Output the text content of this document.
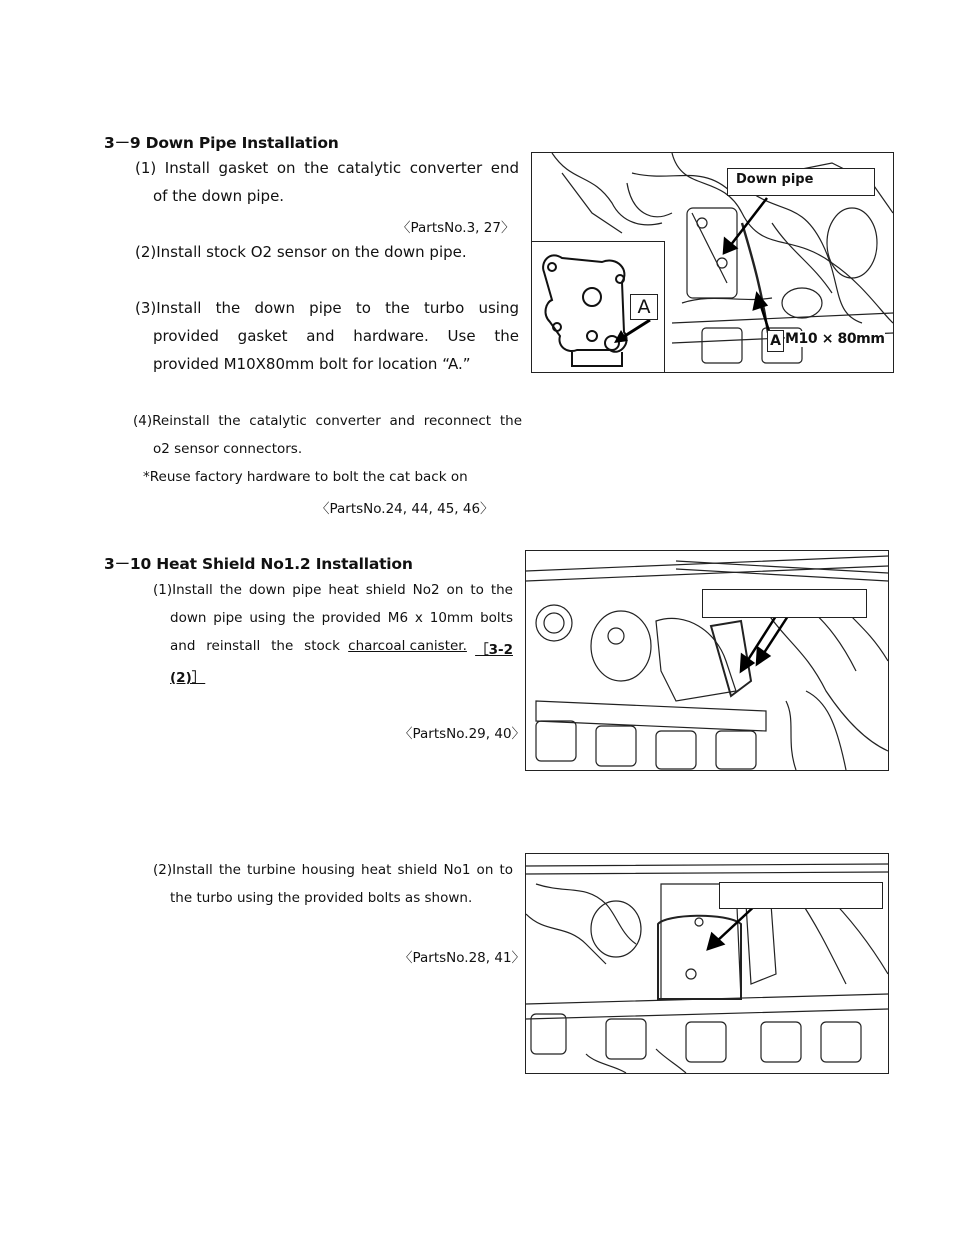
3－9 Down Pipe Installation
(1) Install gasket on the catalytic converter end
of the down pipe.
〈PartsNo.3, 27〉
(2)Install stock O2 sensor on the down pipe.
(3)Install the down pipe to the turbo using
provided gasket and hardware. Use the
provided M10X80mm bolt for location “A.”
(4)Reinstall the catalytic converter and reconnect the
o2 sensor connectors.
*Reuse factory hardware to bolt the cat back on
〈PartsNo.24, 44, 45, 46〉
Down pipe
A
A M10 × 80mm
3－10 Heat Shield No1.2 Installation
(1)Install the down pipe heat shield No2 on to the
down pipe using the provided M6 x 10mm bolts
and reinstall the stock charcoal canister. ［3-2
(2)］
〈PartsNo.29, 40〉
(2)Install the turbine housing heat shield No1 on to
the turbo using the provided bolts as shown.
〈PartsNo.28, 41〉
